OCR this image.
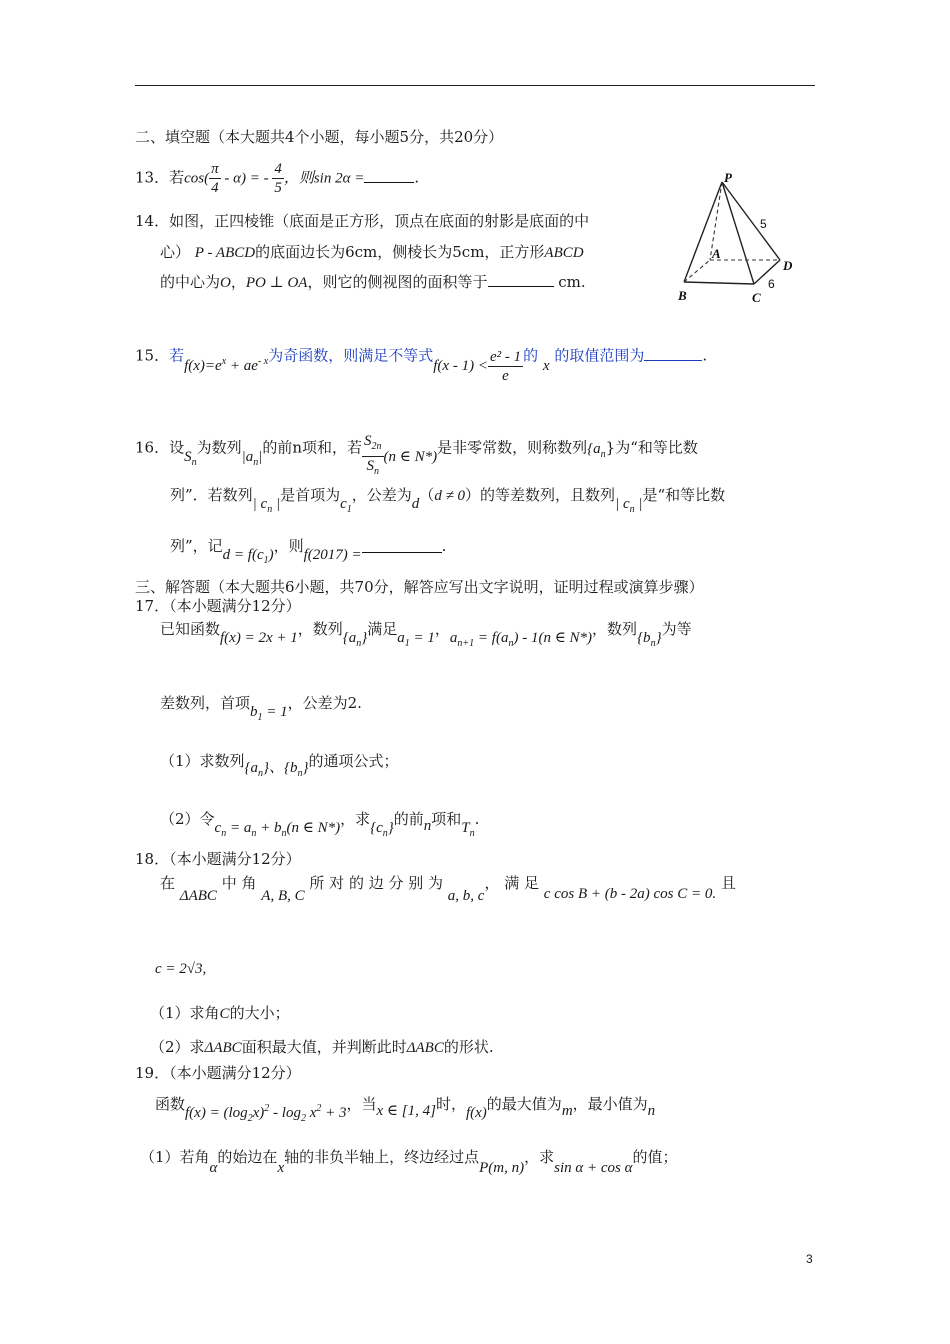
二、填空题（本大题共4个小题，每小题5分，共20分）
13．若$\cos( \frac{\pi}{4} - \alpha)$ = - $\frac{4}{5}$ ，则sin 2α =	.
14．如图，正四棱锥（底面是正方形，顶点在底面的射影是底面的中
心） P - ABCD的底面边长为6cm，侧棱长为5cm，正方形ABCD
的中心为O，PO ⊥ OA，则它的侧视图的面积等于	cm.
P
A
B	C
D
5
6
15．若$f(x)=e^x + ae^{- x}$为奇函数，则满足不等式$f(x - 1) < \frac{\text{e² - 1}}{e}$ 的 x 的取值范围为	.
16．设$S_n$为数列$|a_n|$的前n项和，若 $\frac{S_{2n}}{S_n} (n$ ∈ N*)是非零常数，则称数列$\{a_n\}$为“和等比数
列”．若数列| $c_n$ |是首项为$c_1$，公差为d（d ≠ 0）的等差数列，且数列| $c_n$ |是“和等比数
列”，记$d = f(c_1)$，则f(2017) =	.
三、解答题（本大题共6小题，共70分，解答应写出文字说明，证明过程或演算步骤）
17．（本小题满分12分）
已知函数f(x) = 2x + 1，数列$\{a_n\}$满足$a_1 = 1$，$a_{n+1} = f(a_n) - 1(n$ ∈ N*)，数列$\{b_n\}$为等
差数列，首项$b_1 = 1$，公差为2.
（1）求数列$\{a_n\}$、$\{b_n\}$的通项公式；
（2）令$c_n = a_n + b_n(n$ ∈ N*)，求$\{c_n\}$的前n项和$T_n$.
18．（本小题满分12分）
在 ΔABC 中 角 A, B, C 所 对 的 边 分 别 为 a, b, c， 满 足 c cos B + (b - 2a) cos C = 0. 且
c = 2√3,
（1）求角C的大小；
（2）求ΔABC面积最大值，并判断此时ΔABC的形状.
19．（本小题满分12分）
函数$f(x) = (\log_2x)^2 - \log_2 x^2 + 3$，当x ∈ [1, 4]时，f(x)的最大值为m，最小值为n
（1）若角α的始边在x轴的非负半轴上，终边经过点P(m, n)，求sin α + cos α的值；
3
